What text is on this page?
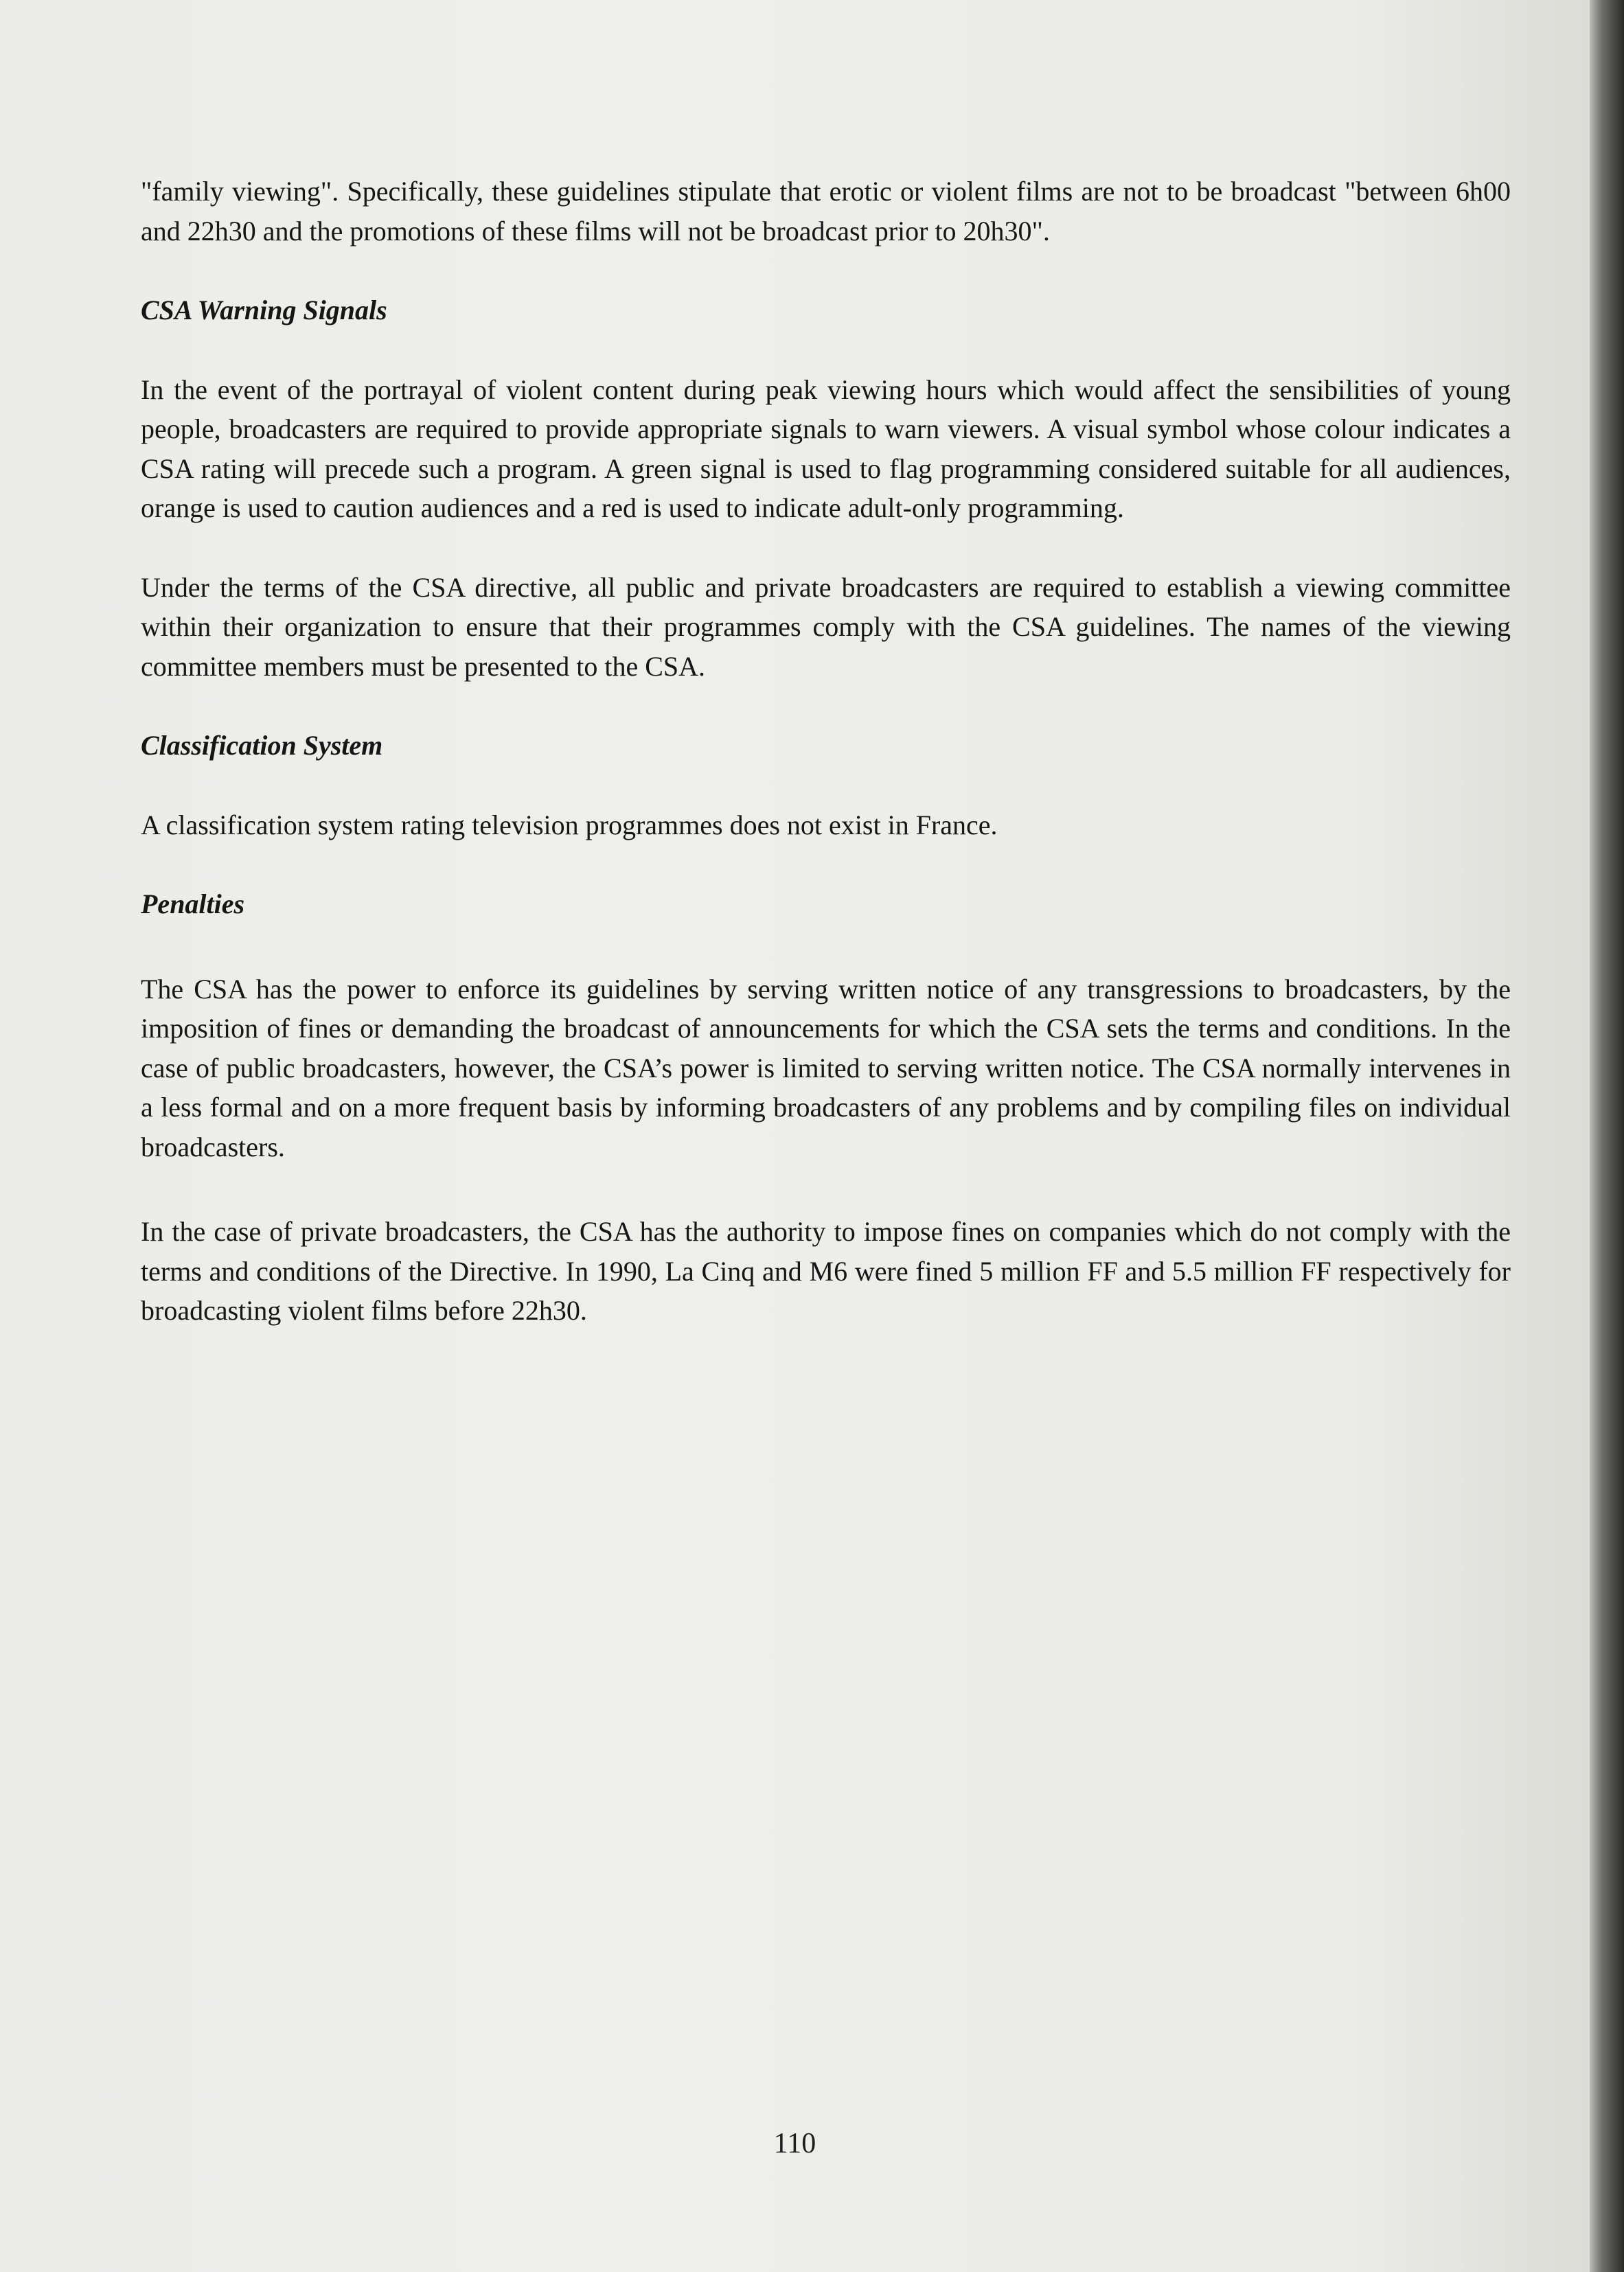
"family viewing". Specifically, these guidelines stipulate that erotic or violent films are not to be broadcast "between 6h00 and 22h30 and the promotions of these films will not be broadcast prior to 20h30".

CSA Warning Signals

In the event of the portrayal of violent content during peak viewing hours which would affect the sensibilities of young people, broadcasters are required to provide appropriate signals to warn viewers. A visual symbol whose colour indicates a CSA rating will precede such a program. A green signal is used to flag programming considered suitable for all audiences, orange is used to caution audiences and a red is used to indicate adult-only programming.

Under the terms of the CSA directive, all public and private broadcasters are required to establish a viewing committee within their organization to ensure that their programmes comply with the CSA guidelines. The names of the viewing committee members must be presented to the CSA.

Classification System

A classification system rating television programmes does not exist in France.

Penalties

The CSA has the power to enforce its guidelines by serving written notice of any transgressions to broadcasters, by the imposition of fines or demanding the broadcast of announcements for which the CSA sets the terms and conditions. In the case of public broadcasters, however, the CSA’s power is limited to serving written notice. The CSA normally intervenes in a less formal and on a more frequent basis by informing broadcasters of any problems and by compiling files on individual broadcasters.

In the case of private broadcasters, the CSA has the authority to impose fines on companies which do not comply with the terms and conditions of the Directive. In 1990, La Cinq and M6 were fined 5 million FF and 5.5 million FF respectively for broadcasting violent films before 22h30.

110
